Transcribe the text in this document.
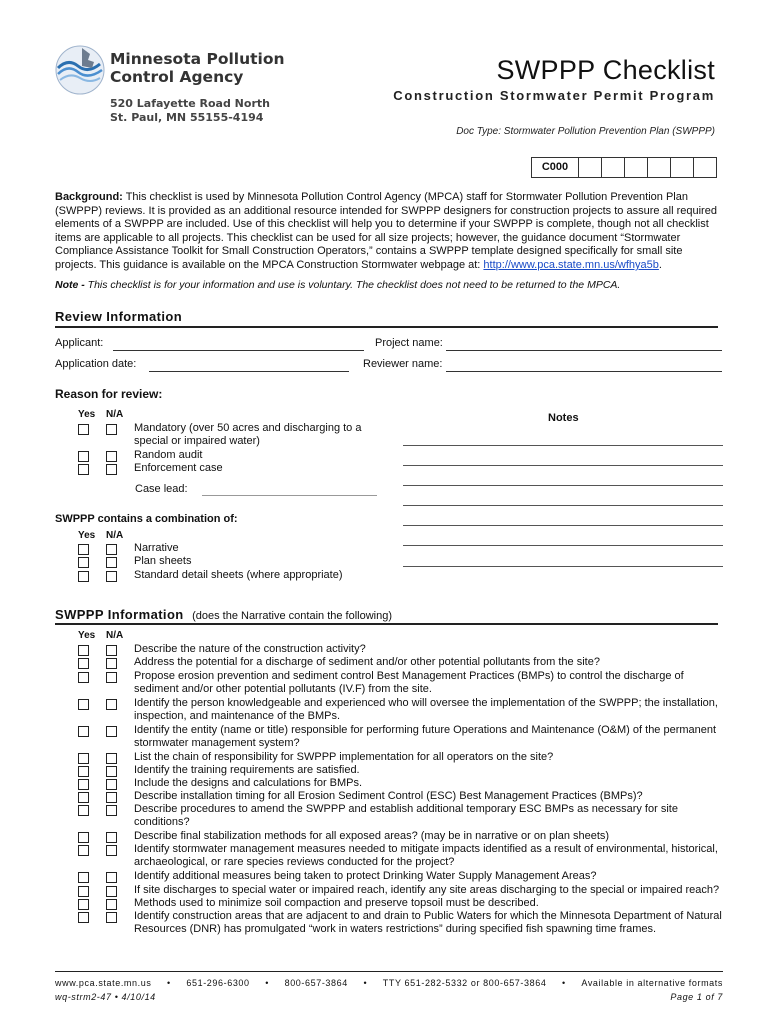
Minnesota Pollution
Control Agency
520 Lafayette Road North
St. Paul, MN 55155-4194
SWPPP Checklist
Construction Stormwater Permit Program
Doc Type: Stormwater Pollution Prevention Plan (SWPPP)
C000
Background: This checklist is used by Minnesota Pollution Control Agency (MPCA) staff for Stormwater Pollution Prevention Plan (SWPPP) reviews. It is provided as an additional resource intended for SWPPP designers for construction projects to assure all required elements of a SWPPP are included. Use of this checklist will help you to determine if your SWPPP is complete, though not all checklist items are applicable to all projects. This checklist can be used for all size projects; however, the guidance document “Stormwater Compliance Assistance Toolkit for Small Construction Operators,” contains a SWPPP template designed specifically for small site projects. This guidance is available on the MPCA Construction Stormwater webpage at: http://www.pca.state.mn.us/wfhya5b.
Note - This checklist is for your information and use is voluntary. The checklist does not need to be returned to the MPCA.
Review Information
Applicant:	Project name:
Application date:	Reviewer name:
Reason for review:
Yes N/A
Mandatory (over 50 acres and discharging to a special or impaired water)
Random audit
Enforcement case
Case lead:
Notes
SWPPP contains a combination of:
Yes N/A
Narrative
Plan sheets
Standard detail sheets (where appropriate)
SWPPP Information (does the Narrative contain the following)
Yes N/A
Describe the nature of the construction activity?
Address the potential for a discharge of sediment and/or other potential pollutants from the site?
Propose erosion prevention and sediment control Best Management Practices (BMPs) to control the discharge of sediment and/or other potential pollutants (IV.F) from the site.
Identify the person knowledgeable and experienced who will oversee the implementation of the SWPPP; the installation, inspection, and maintenance of the BMPs.
Identify the entity (name or title) responsible for performing future Operations and Maintenance (O&M) of the permanent stormwater management system?
List the chain of responsibility for SWPPP implementation for all operators on the site?
Identify the training requirements are satisfied.
Include the designs and calculations for BMPs.
Describe installation timing for all Erosion Sediment Control (ESC) Best Management Practices (BMPs)?
Describe procedures to amend the SWPPP and establish additional temporary ESC BMPs as necessary for site conditions?
Describe final stabilization methods for all exposed areas? (may be in narrative or on plan sheets)
Identify stormwater management measures needed to mitigate impacts identified as a result of environmental, historical, archaeological, or rare species reviews conducted for the project?
Identify additional measures being taken to protect Drinking Water Supply Management Areas?
If site discharges to special water or impaired reach, identify any site areas discharging to the special or impaired reach?
Methods used to minimize soil compaction and preserve topsoil must be described.
Identify construction areas that are adjacent to and drain to Public Waters for which the Minnesota Department of Natural Resources (DNR) has promulgated “work in waters restrictions” during specified fish spawning time frames.
www.pca.state.mn.us • 651-296-6300 • 800-657-3864 • TTY 651-282-5332 or 800-657-3864 • Available in alternative formats
wq-strm2-47 • 4/10/14	Page 1 of 7
